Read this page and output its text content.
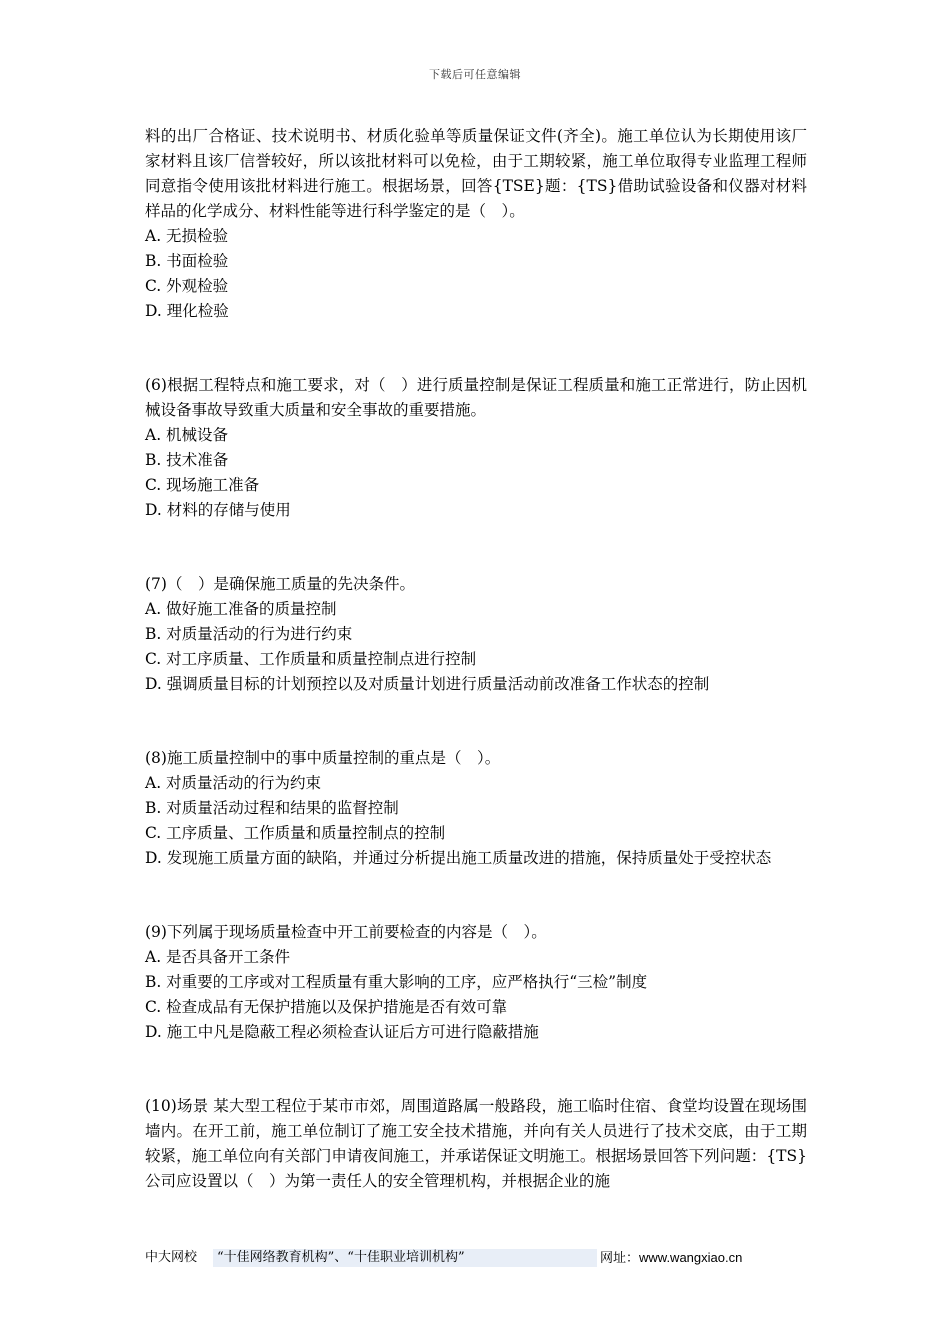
下载后可任意编辑

料的出厂合格证、技术说明书、材质化验单等质量保证文件(齐全)。施工单位认为长期使用该厂家材料且该厂信誉较好，所以该批材料可以免检，由于工期较紧，施工单位取得专业监理工程师同意指令使用该批材料进行施工。根据场景，回答{TSE}题：{TS}借助试验设备和仪器对材料样品的化学成分、材料性能等进行科学鉴定的是（　）。

A. 无损检验

B. 书面检验

C. 外观检验

D. 理化检验

(6)根据工程特点和施工要求，对（　）进行质量控制是保证工程质量和施工正常进行，防止因机械设备事故导致重大质量和安全事故的重要措施。

A. 机械设备

B. 技术准备

C. 现场施工准备

D. 材料的存储与使用

(7)（　）是确保施工质量的先决条件。

A. 做好施工准备的质量控制

B. 对质量活动的行为进行约束

C. 对工序质量、工作质量和质量控制点进行控制

D. 强调质量目标的计划预控以及对质量计划进行质量活动前改准备工作状态的控制

(8)施工质量控制中的事中质量控制的重点是（　）。

A. 对质量活动的行为约束

B. 对质量活动过程和结果的监督控制

C. 工序质量、工作质量和质量控制点的控制

D. 发现施工质量方面的缺陷，并通过分析提出施工质量改进的措施，保持质量处于受控状态

(9)下列属于现场质量检查中开工前要检查的内容是（　）。

A. 是否具备开工条件

B. 对重要的工序或对工程质量有重大影响的工序，应严格执行“三检”制度

C. 检查成品有无保护措施以及保护措施是否有效可靠

D. 施工中凡是隐蔽工程必须检查认证后方可进行隐蔽措施

(10)场景 某大型工程位于某市市郊，周围道路属一般路段，施工临时住宿、食堂均设置在现场围墙内。在开工前，施工单位制订了施工安全技术措施，并向有关人员进行了技术交底，由于工期较紧，施工单位向有关部门申请夜间施工，并承诺保证文明施工。根据场景回答下列问题：{TS}公司应设置以（　）为第一责任人的安全管理机构，并根据企业的施

中大网校	“十佳网络教育机构”、“十佳职业培训机构”	网址：www.wangxiao.cn
